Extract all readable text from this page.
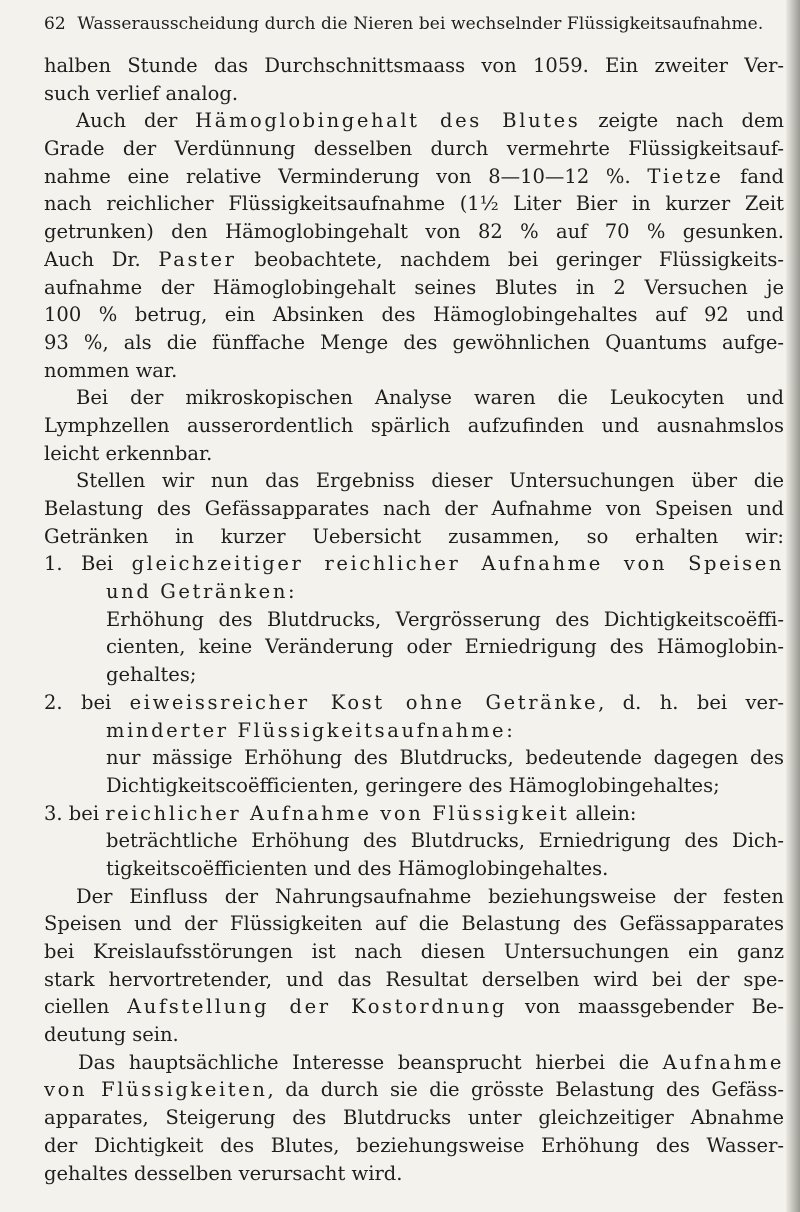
62 Wasserausscheidung durch die Nieren bei wechselnder Flüssigkeitsaufnahme.
halben Stunde das Durchschnittsmaass von 1059. Ein zweiter Ver-
such verlief analog.
Auch der Hämoglobingehalt des Blutes zeigte nach dem
Grade der Verdünnung desselben durch vermehrte Flüssigkeitsauf-
nahme eine relative Verminderung von 8—10—12 %. Tietze fand
nach reichlicher Flüssigkeitsaufnahme (1½ Liter Bier in kurzer Zeit
getrunken) den Hämoglobingehalt von 82 % auf 70 % gesunken.
Auch Dr. Paster beobachtete, nachdem bei geringer Flüssigkeits-
aufnahme der Hämoglobingehalt seines Blutes in 2 Versuchen je
100 % betrug, ein Absinken des Hämoglobingehaltes auf 92 und
93 %, als die fünffache Menge des gewöhnlichen Quantums aufge-
nommen war.
Bei der mikroskopischen Analyse waren die Leukocyten und
Lymphzellen ausserordentlich spärlich aufzufinden und ausnahmslos
leicht erkennbar.
Stellen wir nun das Ergebniss dieser Untersuchungen über die
Belastung des Gefässapparates nach der Aufnahme von Speisen und
Getränken in kurzer Uebersicht zusammen, so erhalten wir:
1. Bei gleichzeitiger reichlicher Aufnahme von Speisen
und Getränken:
Erhöhung des Blutdrucks, Vergrösserung des Dichtigkeitscoëffi-
cienten, keine Veränderung oder Erniedrigung des Hämoglobin-
gehaltes;
2. bei eiweissreicher Kost ohne Getränke, d. h. bei ver-
minderter Flüssigkeitsaufnahme:
nur mässige Erhöhung des Blutdrucks, bedeutende dagegen des
Dichtigkeitscoëfficienten, geringere des Hämoglobingehaltes;
3. bei reichlicher Aufnahme von Flüssigkeit allein:
beträchtliche Erhöhung des Blutdrucks, Erniedrigung des Dich-
tigkeitscoëfficienten und des Hämoglobingehaltes.
Der Einfluss der Nahrungsaufnahme beziehungsweise der festen
Speisen und der Flüssigkeiten auf die Belastung des Gefässapparates
bei Kreislaufsstörungen ist nach diesen Untersuchungen ein ganz
stark hervortretender, und das Resultat derselben wird bei der spe-
ciellen Aufstellung der Kostordnung von maassgebender Be-
deutung sein.
Das hauptsächliche Interesse beansprucht hierbei die Aufnahme
von Flüssigkeiten, da durch sie die grösste Belastung des Gefäss-
apparates, Steigerung des Blutdrucks unter gleichzeitiger Abnahme
der Dichtigkeit des Blutes, beziehungsweise Erhöhung des Wasser-
gehaltes desselben verursacht wird.
